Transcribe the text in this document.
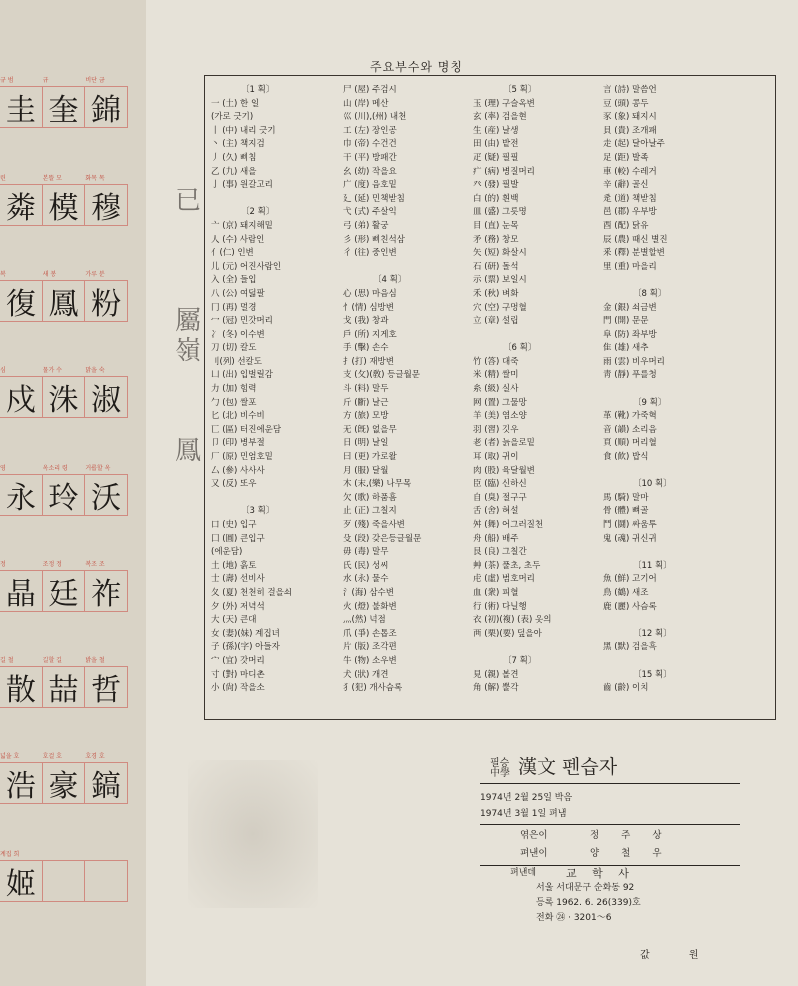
규 범	규	비단 금
圭 奎 錦
린	본뜰 모	화목 목
粦 模 穆
복	새 봉	가루 분
復 鳳 粉
심	물가 수	맑을 숙
戍 洙 淑
영	옥소리 령	거룹할 옥
永 玲 沃
정	조정 정	복조 조
晶 廷 祚
길 철	길할 길	밝을 철
散 喆 哲
넓을 호	호걸 호	호경 호
浩 豪 鎬
계집 희
姬
已
屬
嶺
鳳
주요부수와 명칭
〔1 획〕
一 (土) 한 일
(가로 긋기)
丨 (中) 내리 긋기
丶 (主) 책지검
丿 (久) 삐침
乙 (九) 새을
亅 (事) 원갈고리
〔2 획〕
亠 (京) 돼지해밑
人 (수) 사람인
亻(仁) 인변
儿 (元) 어진사람인
入 (全) 들입
八 (公) 여덟팔
冂 (再) 멀경
冖 (冠) 민갓머리
冫 (冬) 이수변
刀 (切) 칼도
刂(列) 선칼도
凵 (出) 입벌릴감
力 (加) 힘력
勹 (包) 쌀포
匕 (北) 비수비
匸 (區) 터진에운담
卩 (印) 병부절
厂 (原) 민엄호밑
厶 (參) 사사사
又 (反) 또우
〔3 획〕
口 (史) 입구
囗 (圓) 큰입구
(에운담)
土 (地) 흙토
士 (壽) 선비사
夂 (夏) 천천히 걸을쇠
夕 (外) 저녁석
大 (天) 큰대
女 (妻)(妹) 계집녀
子 (孫)(字) 아들자
宀 (宜) 갓머리
寸 (對) 마디촌
小 (尙) 작을소
尸 (屋) 주검시
山 (岸) 메산
巛 (川),(州) 내천
工 (左) 장인공
巾 (帝) 수건건
干 (平) 방패간
幺 (幼) 작을요
广 (度) 음호밑
廴 (延) 민책받침
弋 (式) 주살익
弓 (弟) 활궁
彡 (形) 삐친석삼
彳 (往) 중인변
〔4 획〕
心 (思) 마음심
忄(情) 심방변
戈 (我) 창과
戶 (所) 지게호
手 (擊) 손수
扌(打) 재방변
支 (攵)(敎) 등글월문
斗 (料) 말두
斤 (斷) 날근
方 (旅) 모방
无 (旣) 없을무
日 (明) 날일
曰 (更) 가로왈
月 (服) 달월
木 (末,(樂) 나무목
欠 (歌) 하품흠
止 (正) 그칠지
歹 (殘) 죽을사변
殳 (段) 갖은등글월문
毋 (毒) 말무
氏 (民) 성씨
水 (永) 물수
氵(海) 삼수변
火 (燈) 불화변
灬(然) 넉점
爪 (爭) 손톱조
片 (版) 조각편
牛 (物) 소우변
犬 (狀) 개견
犭(犯) 개사슴록
〔5 획〕
玉 (理) 구슬옥변
玄 (率) 검을현
生 (産) 날생
田 (由) 밭전
疋 (疑) 필필
疒 (病) 병질머리
癶 (發) 필발
白 (的) 흰백
皿 (盛) 그릇명
目 (直) 눈목
矛 (務) 창모
矢 (短) 화살시
石 (研) 돌석
示 (票) 보일시
禾 (秋) 벼화
穴 (空) 구멍혈
立 (章) 설립
〔6 획〕
竹 (答) 대죽
米 (精) 쌀미
糸 (級) 실사
网 (置) 그물망
羊 (美) 염소양
羽 (習) 깃우
老 (者) 늙을로밑
耳 (取) 귀이
肉 (股) 육달월변
臣 (臨) 신하신
自 (臭) 절구구
舌 (舍) 혀설
舛 (舞) 어그러질천
舟 (船) 배주
艮 (良) 그칠간
艸 (茶) 풀초, 초두
虍 (虛) 범호머리
血 (衆) 피혈
行 (術) 다닐행
衣 (初)(複) (表) 옷의
襾 (栗)(要) 덮을아
〔7 획〕
見 (親) 볼견
角 (解) 뿔각
言 (詩) 말씀언
豆 (頭) 콩두
豕 (象) 돼지시
貝 (貴) 조개패
走 (起) 달아날주
足 (距) 발족
車 (較) 수레거
辛 (辭) 골신
辵 (道) 책받침
邑 (郡) 우부방
酉 (配) 닭유
辰 (農) 때신 별진
釆 (釋) 분별할변
里 (重) 마을리
〔8 획〕
金 (銀) 쇠금변
門 (開) 문문
阜 (防) 좌부방
隹 (雄) 새추
雨 (雲) 비우머리
靑 (靜) 푸를청
〔9 획〕
革 (靴) 가죽혁
音 (韻) 소리음
頁 (順) 머리혈
食 (飮) 밥식
〔10 획〕
馬 (騎) 말마
骨 (體) 뼈골
鬥 (鬪) 싸움투
鬼 (魂) 귀신귀
〔11 획〕
魚 (鮮) 고기어
鳥 (鶴) 새조
鹿 (麗) 사슴록
〔12 획〕
黑 (默) 검을흑
〔15 획〕
齒 (齡) 이치
필승
中學 漢文 펜습자
1974년 2월 25일 박음
1974년 3월 1일 펴냄
엮은이	정주상
펴낸이	양철우
펴낸데	교 학 사
서울 서대문구 순화동 92
등록 1962. 6. 26(339)호
전화 ㉔ · 3201～6
값 원
